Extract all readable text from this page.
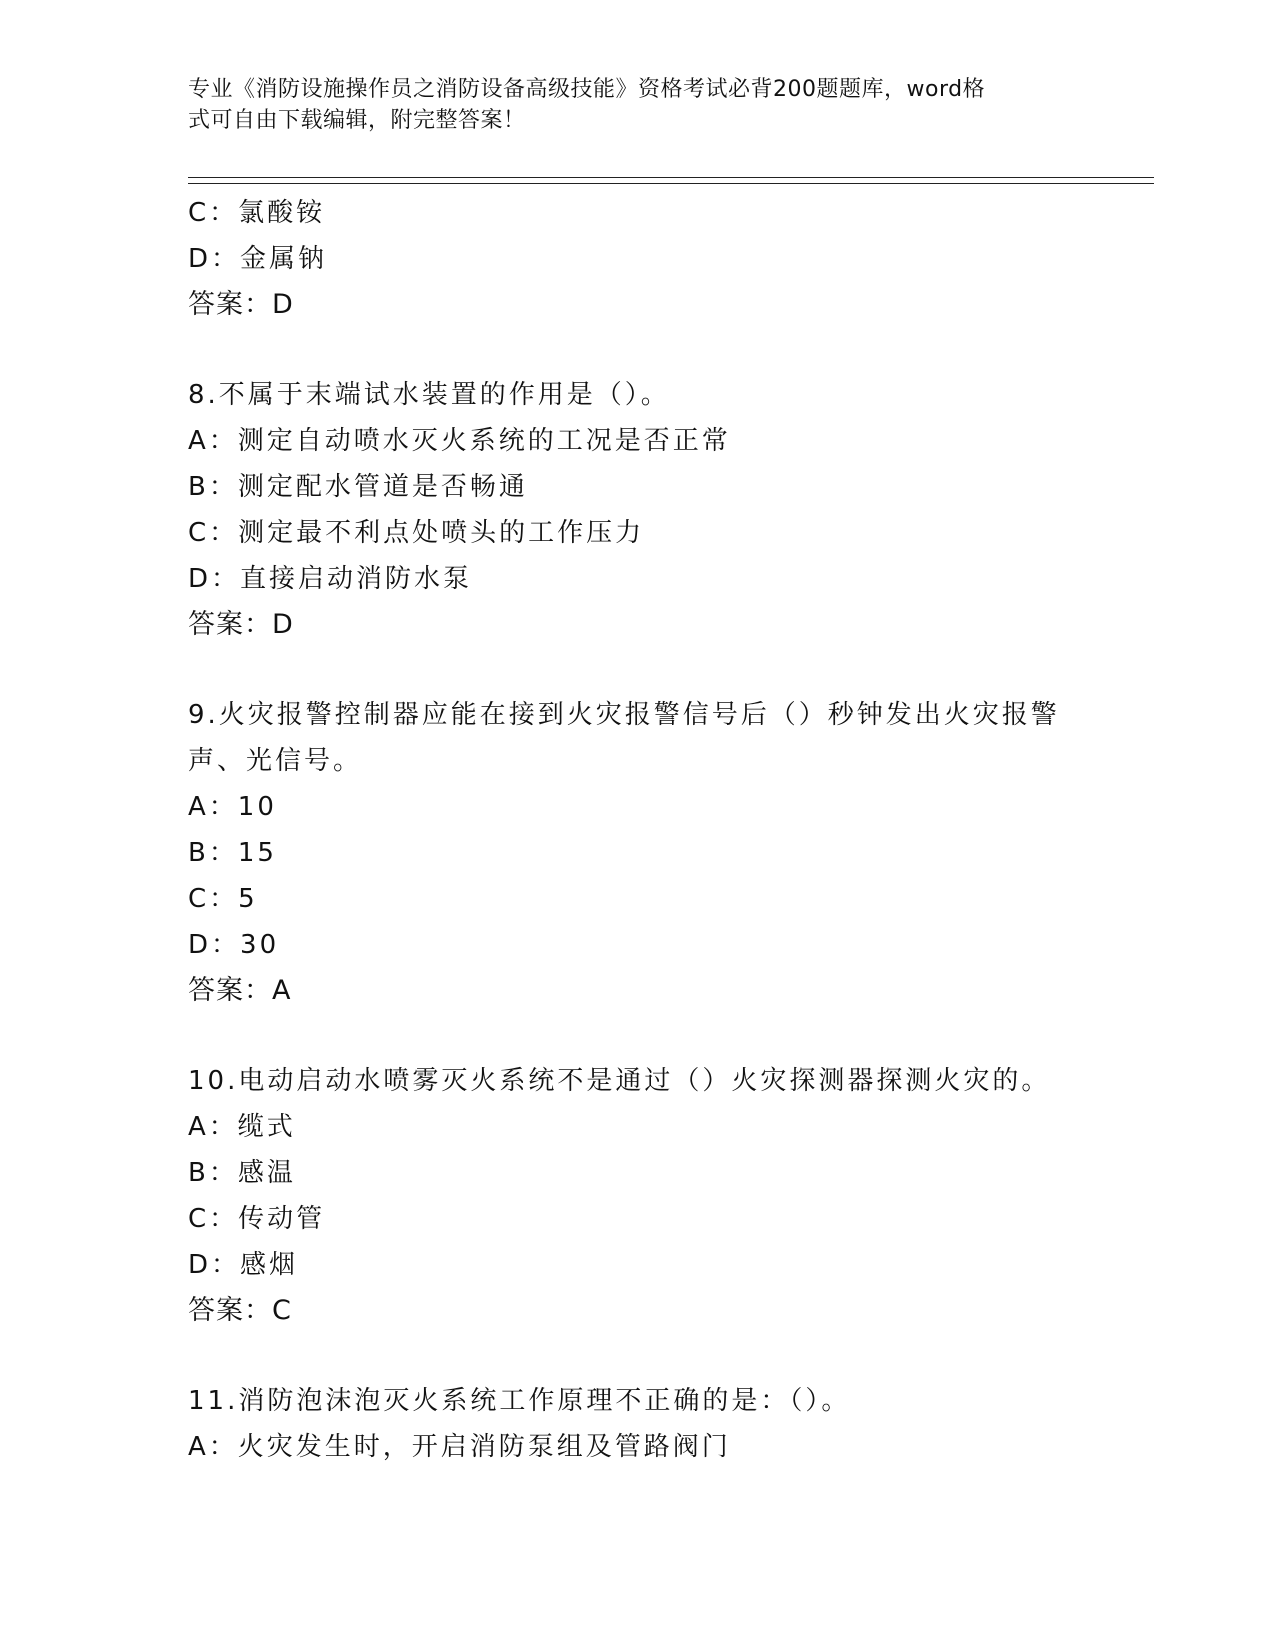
专业《消防设施操作员之消防设备高级技能》资格考试必背200题题库，word格
式可自由下载编辑，附完整答案！
C：氯酸铵
D：金属钠
答案：D
8.不属于末端试水装置的作用是（）。
A：测定自动喷水灭火系统的工况是否正常
B：测定配水管道是否畅通
C：测定最不利点处喷头的工作压力
D：直接启动消防水泵
答案：D
9.火灾报警控制器应能在接到火灾报警信号后（）秒钟发出火灾报警
声、光信号。
A：10
B：15
C：5
D：30
答案：A
10.电动启动水喷雾灭火系统不是通过（）火灾探测器探测火灾的。
A：缆式
B：感温
C：传动管
D：感烟
答案：C
11.消防泡沫泡灭火系统工作原理不正确的是：（）。
A：火灾发生时，开启消防泵组及管路阀门
